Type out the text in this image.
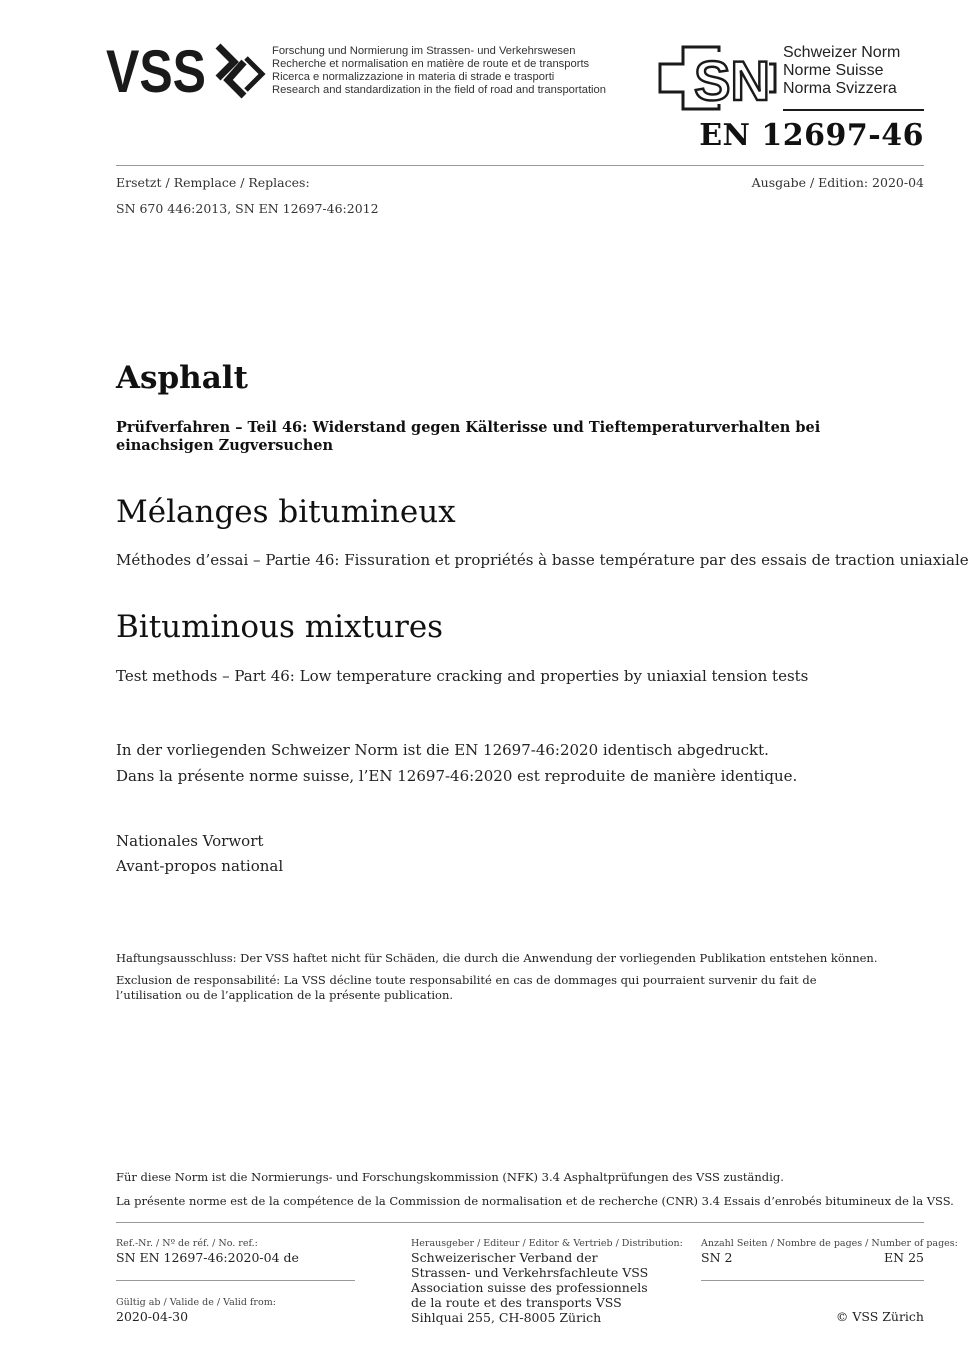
VSS	Forschung und Normierung im Strassen- und Verkehrswesen
Recherche et normalisation en matière de route et de transports
Ricerca e normalizzazione in materia di strade e trasporti
Research and standardization in the field of road and transportation SN Schweizer Norm
Norme Suisse
Norma Svizzera
EN 12697-46
Ersetzt / Remplace / Replaces:	Ausgabe / Edition: 2020-04
SN 670 446:2013, SN EN 12697-46:2012
Asphalt
Prüfverfahren – Teil 46: Widerstand gegen Kälterisse und Tieftemperaturverhalten bei einachsigen Zugversuchen
Mélanges bitumineux
Méthodes d’essai – Partie 46: Fissuration et propriétés à basse température par des essais de traction uniaxiale
Bituminous mixtures
Test methods – Part 46: Low temperature cracking and properties by uniaxial tension tests
In der vorliegenden Schweizer Norm ist die EN 12697-46:2020 identisch abgedruckt.
Dans la présente norme suisse, l’EN 12697-46:2020 est reproduite de manière identique.
Nationales Vorwort
Avant-propos national
Haftungsausschluss: Der VSS haftet nicht für Schäden, die durch die Anwendung der vorliegenden Publikation entstehen können.
Exclusion de responsabilité: La VSS décline toute responsabilité en cas de dommages qui pourraient survenir du fait de l’utilisation ou de l’application de la présente publication.
Für diese Norm ist die Normierungs- und Forschungskommission (NFK) 3.4 Asphaltprüfungen des VSS zuständig.
La présente norme est de la compétence de la Commission de normalisation et de recherche (CNR) 3.4 Essais d’enrobés bitumineux de la VSS.
Ref.-Nr. / Nº de réf. / No. ref.:
SN EN 12697-46:2020-04 de
Gültig ab / Valide de / Valid from:
2020-04-30
Herausgeber / Editeur / Editor & Vertrieb / Distribution:
Schweizerischer Verband der
Strassen- und Verkehrsfachleute VSS
Association suisse des professionnels
de la route et des transports VSS
Sihlquai 255, CH-8005 Zürich
Anzahl Seiten / Nombre de pages / Number of pages:
SN 2	EN 25
© VSS Zürich
